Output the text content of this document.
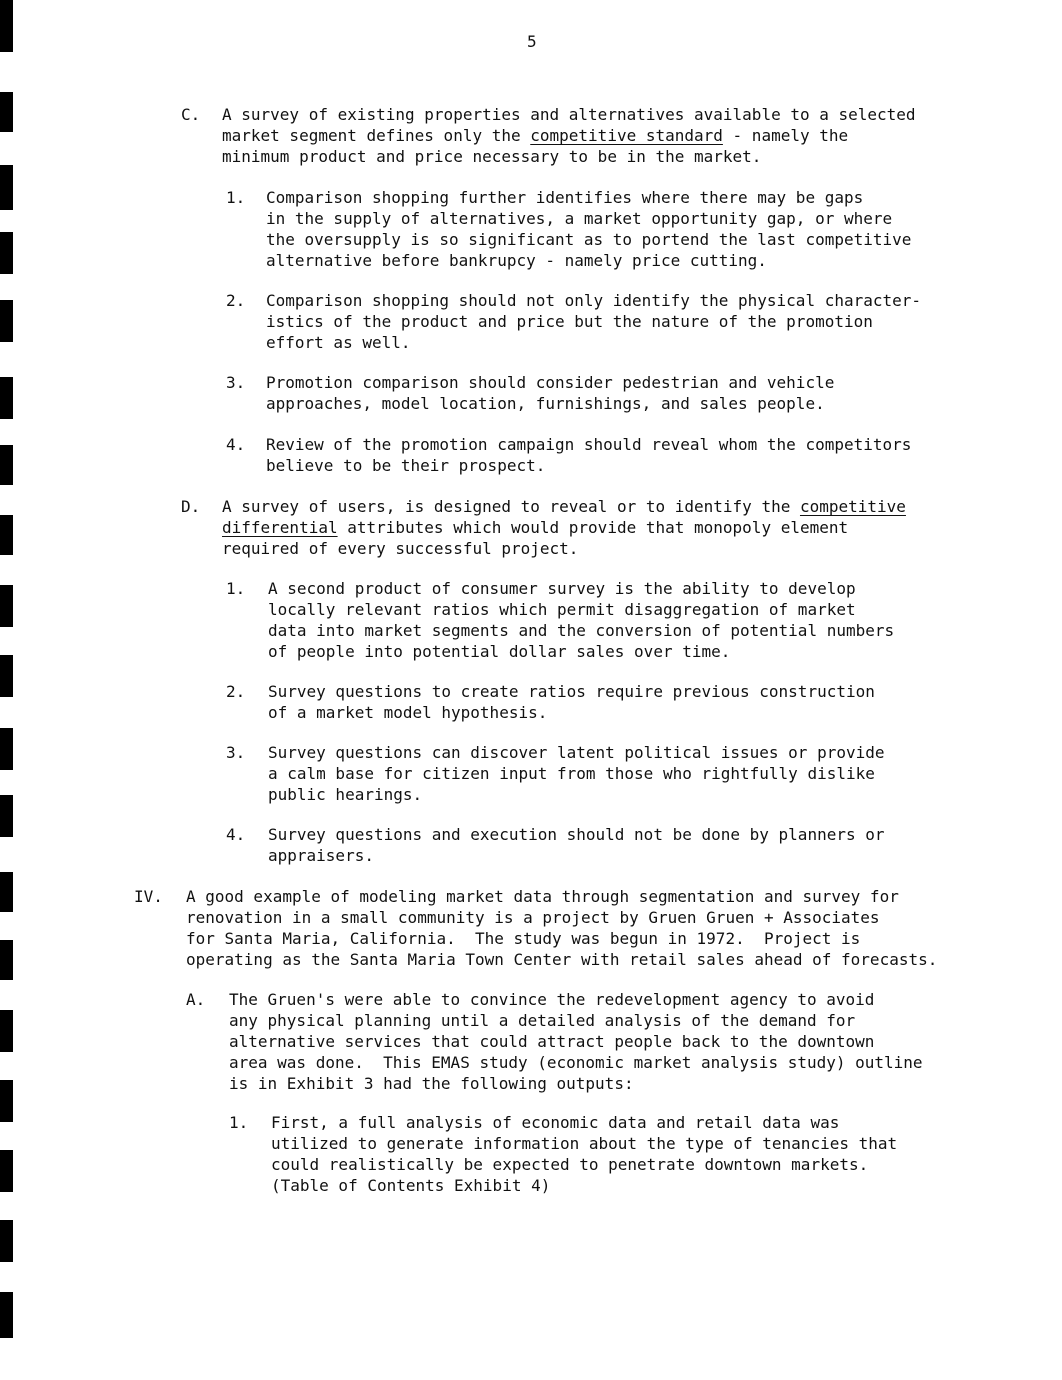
5
C. A survey of existing properties and alternatives available to a selected
market segment defines only the competitive standard - namely the
minimum product and price necessary to be in the market.
1. Comparison shopping further identifies where there may be gaps
in the supply of alternatives, a market opportunity gap, or where
the oversupply is so significant as to portend the last competitive
alternative before bankrupcy - namely price cutting.
2. Comparison shopping should not only identify the physical character-
istics of the product and price but the nature of the promotion
effort as well.
3. Promotion comparison should consider pedestrian and vehicle
approaches, model location, furnishings, and sales people.
4. Review of the promotion campaign should reveal whom the competitors
believe to be their prospect.
D. A survey of users, is designed to reveal or to identify the competitive
differential attributes which would provide that monopoly element
required of every successful project.
1. A second product of consumer survey is the ability to develop
locally relevant ratios which permit disaggregation of market
data into market segments and the conversion of potential numbers
of people into potential dollar sales over time.
2. Survey questions to create ratios require previous construction
of a market model hypothesis.
3. Survey questions can discover latent political issues or provide
a calm base for citizen input from those who rightfully dislike
public hearings.
4. Survey questions and execution should not be done by planners or
appraisers.
IV. A good example of modeling market data through segmentation and survey for
renovation in a small community is a project by Gruen Gruen + Associates
for Santa Maria, California.  The study was begun in 1972.  Project is
operating as the Santa Maria Town Center with retail sales ahead of forecasts.
A. The Gruen's were able to convince the redevelopment agency to avoid
any physical planning until a detailed analysis of the demand for
alternative services that could attract people back to the downtown
area was done.  This EMAS study (economic market analysis study) outline
is in Exhibit 3 had the following outputs:
1. First, a full analysis of economic data and retail data was
utilized to generate information about the type of tenancies that
could realistically be expected to penetrate downtown markets.
(Table of Contents Exhibit 4)
